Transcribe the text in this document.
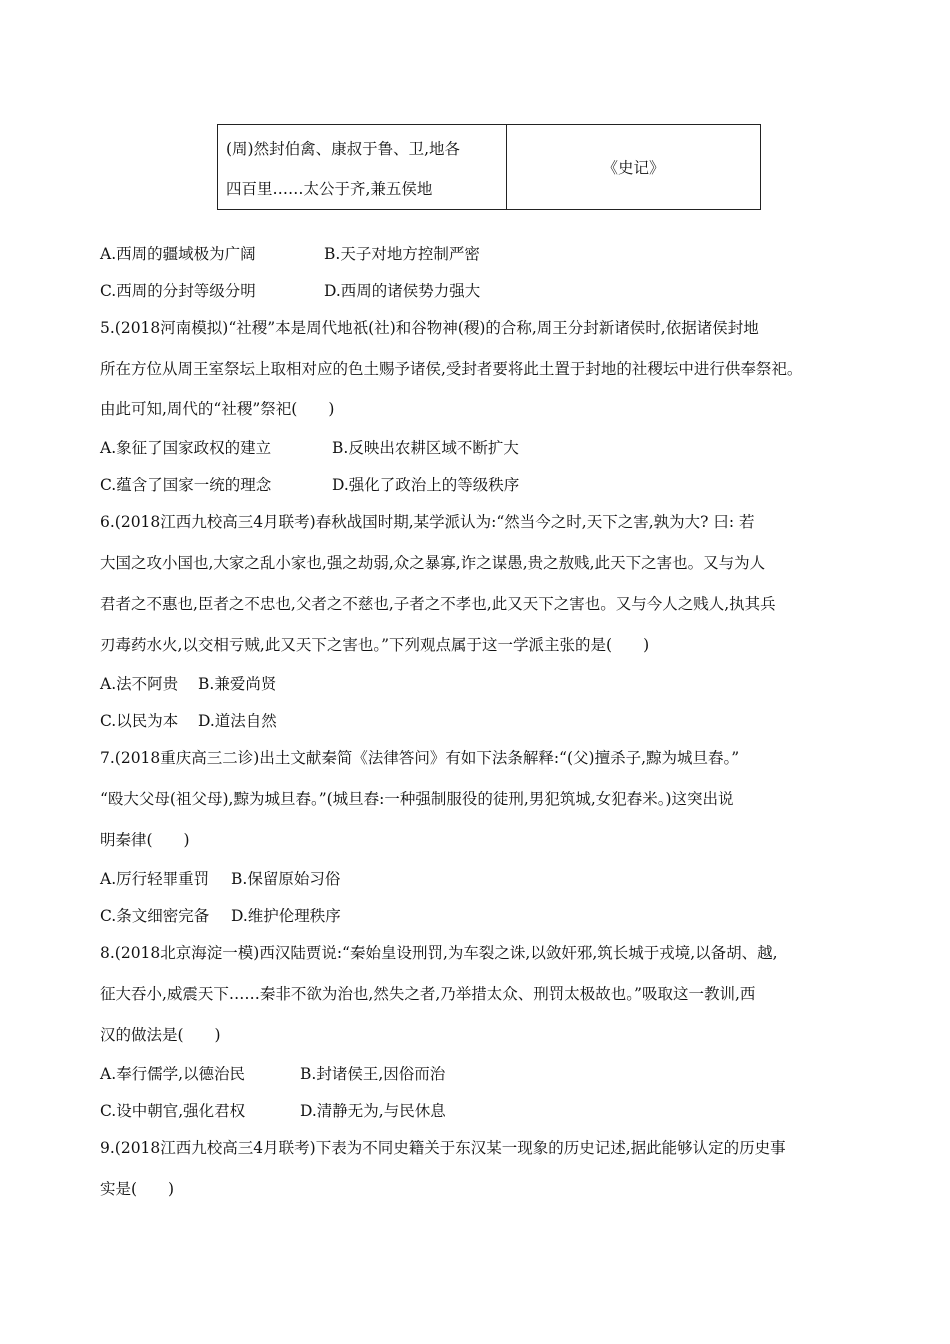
(周)然封伯禽、康叔于鲁、卫,地各
四百里……太公于齐,兼五侯地
	《史记》
A.西周的疆域极为广阔	B.天子对地方控制严密
C.西周的分封等级分明	D.西周的诸侯势力强大
5.(2018河南模拟)“社稷”本是周代地祇(社)和谷物神(稷)的合称,周王分封新诸侯时,依据诸侯封地
所在方位从周王室祭坛上取相对应的色土赐予诸侯,受封者要将此土置于封地的社稷坛中进行供奉祭祀。
由此可知,周代的“社稷”祭祀(　　)
A.象征了国家政权的建立	B.反映出农耕区域不断扩大
C.蕴含了国家一统的理念	D.强化了政治上的等级秩序
6.(2018江西九校高三4月联考)春秋战国时期,某学派认为:“然当今之时,天下之害,孰为大? 曰: 若
大国之攻小国也,大家之乱小家也,强之劫弱,众之暴寡,诈之谋愚,贵之敖贱,此天下之害也。又与为人
君者之不惠也,臣者之不忠也,父者之不慈也,子者之不孝也,此又天下之害也。又与今人之贱人,执其兵
刃毒药水火,以交相亏贼,此又天下之害也。”下列观点属于这一学派主张的是(　　)
A.法不阿贵 B.兼爱尚贤
C.以民为本 D.道法自然
7.(2018重庆高三二诊)出土文献秦简《法律答问》有如下法条解释:“(父)擅杀子,黥为城旦舂。”
“殴大父母(祖父母),黥为城旦舂。”(城旦舂:一种强制服役的徒刑,男犯筑城,女犯舂米。)这突出说
明秦律(　　)
A.厉行轻罪重罚 B.保留原始习俗
C.条文细密完备 D.维护伦理秩序
8.(2018北京海淀一模)西汉陆贾说:“秦始皇设刑罚,为车裂之诛,以敛奸邪,筑长城于戎境,以备胡、越,
征大吞小,威震天下……秦非不欲为治也,然失之者,乃举措太众、刑罚太极故也。”吸取这一教训,西
汉的做法是(　　)
A.奉行儒学,以德治民	B.封诸侯王,因俗而治
C.设中朝官,强化君权	D.清静无为,与民休息
9.(2018江西九校高三4月联考)下表为不同史籍关于东汉某一现象的历史记述,据此能够认定的历史事
实是(　　)
